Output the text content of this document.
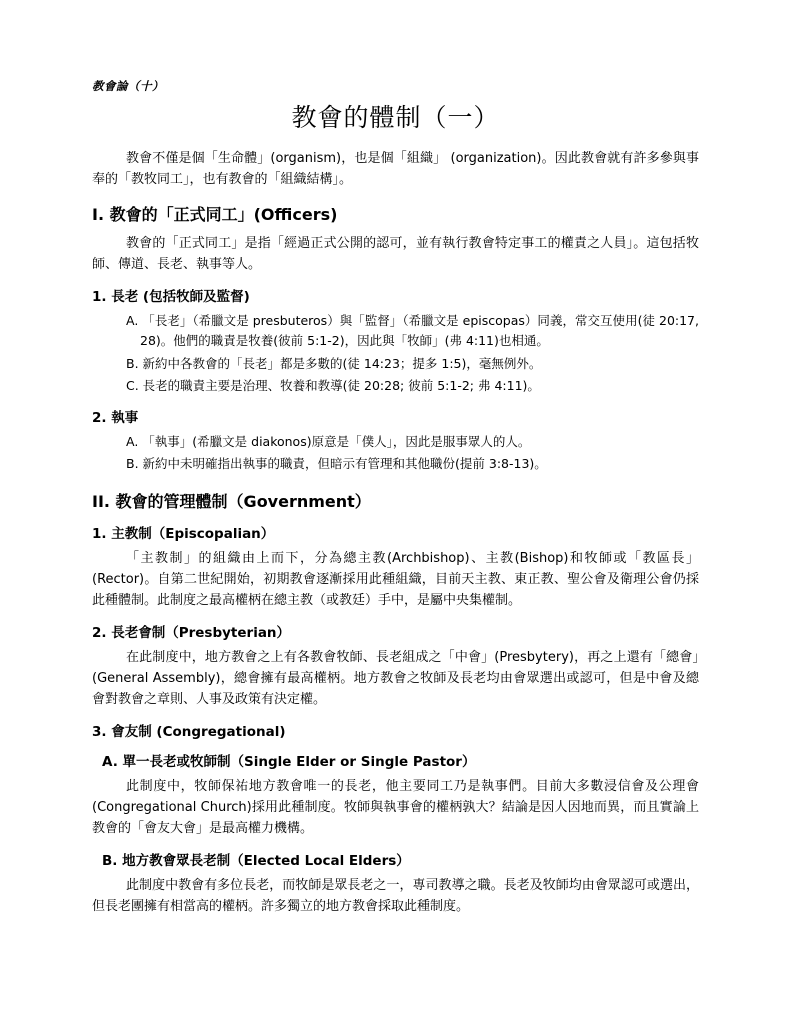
教會論（十）
教會的體制（一）

教會不僅是個「生命體」(organism)，也是個「組織」 (organization)。因此教會就有許多參與事奉的「教牧同工」，也有教會的「組織結構」。

I. 教會的「正式同工」(Officers)

教會的「正式同工」是指「經過正式公開的認可，並有執行教會特定事工的權責之人員」。這包括牧師、傳道、長老、執事等人。

1. 長老 (包括牧師及監督)

A. 「長老」（希臘文是 presbuteros）與「監督」（希臘文是 episcopas）同義，常交互使用(徒 20:17, 28)。他們的職責是牧養(彼前 5:1-2)，因此與「牧師」(弗 4:11)也相通。

B. 新約中各教會的「長老」都是多數的(徒 14:23；提多 1:5)，毫無例外。

C. 長老的職責主要是治理、牧養和教導(徒 20:28; 彼前 5:1-2; 弗 4:11)。

2. 執事

A. 「執事」(希臘文是 diakonos)原意是「僕人」，因此是服事眾人的人。

B. 新約中未明確指出執事的職責，但暗示有管理和其他職份(提前 3:8-13)。

II. 教會的管理體制（Government）
1. 主教制（Episcopalian）

「主教制」的組織由上而下，分為總主教(Archbishop)、主教(Bishop)和牧師或「教區長」(Rector)。自第二世紀開始，初期教會逐漸採用此種組織，目前天主教、東正教、聖公會及衛理公會仍採此種體制。此制度之最高權柄在總主教（或教廷）手中，是屬中央集權制。

2. 長老會制（Presbyterian）

在此制度中，地方教會之上有各教會牧師、長老組成之「中會」(Presbytery)，再之上還有「總會」(General Assembly)，總會擁有最高權柄。地方教會之牧師及長老均由會眾選出或認可，但是中會及總會對教會之章則、人事及政策有決定權。

3. 會友制 (Congregational)
A. 單一長老或牧師制（Single Elder or Single Pastor）

此制度中，牧師保祐地方教會唯一的長老，他主要同工乃是執事們。目前大多數浸信會及公理會(Congregational Church)採用此種制度。牧師與執事會的權柄孰大？結論是因人因地而異，而且實論上教會的「會友大會」是最高權力機構。

B. 地方教會眾長老制（Elected Local Elders）

此制度中教會有多位長老，而牧師是眾長老之一，專司教導之職。長老及牧師均由會眾認可或選出，但長老團擁有相當高的權柄。許多獨立的地方教會採取此種制度。
